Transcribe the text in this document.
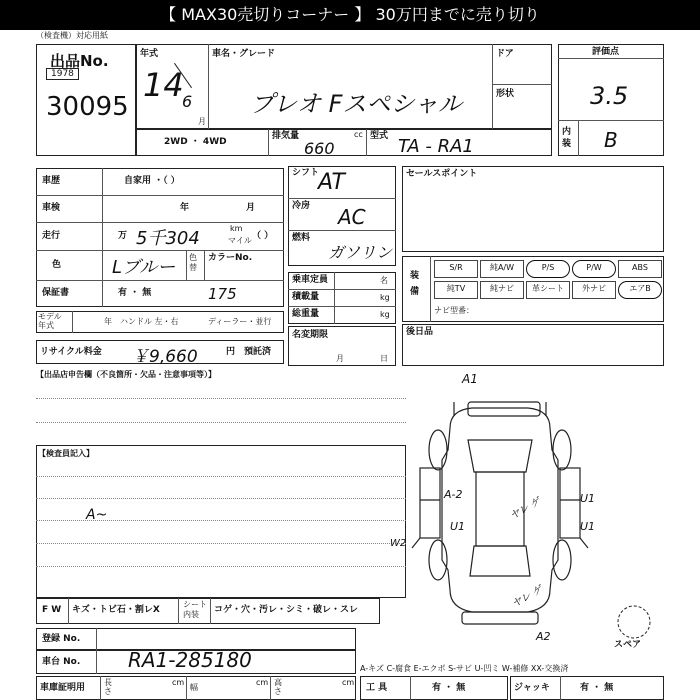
【 MAX30売切りコーナー 】 30万円までに売り切り
（検査機）対応用紙
出品No.
1978
30095
年式
14
6
月
車名・グレード
プレオ Fスペシャル
ドア
形状
評価点
3.5
内装 B
2WD ・ 4WD
排気量	cc
660
型式 TA - RA1
車歴	自家用 ・（ ）
車検	年	月
走行	万 5千304	km
マイル （ ）
色	Lブルー 色替
カラーNo.
保証書	有 ・ 無	175
モデル年式	年 ハンドル 左・右	ディーラー・並行
リサイクル料金 ￥9,660	円 預託済
シフト
AT
冷房 AC
燃料
ガソリン
乗車定員	名
積載量	kg
総重量	kg
名変期限
月	日
セールスポイント
装備
S/R	純A/W	P/S	P/W	ABS
純TV	純ナビ	革シート	外ナビ	エアB
ナビ型番：
後日品
【出品店申告欄（不良箇所・欠品・注意事項等）】
【検査員記入】
A~
A1
A-2
U1
U1
U1
ヤレ ゲ
W2
ヤレ ゲ
A2
スペア
F W キズ・トビ石・割レX
シート内装	コゲ・穴・汚レ・シミ・破レ・スレ
登録 No.
車台 No. RA1-285180	A-キズ C-腐食 E-エクボ S-サビ U-凹ミ W-補修 XX-交換済
車庫証明用
長さ
cm
幅
cm 高さ
cm
工 具	有 ・ 無	ジャッキ	有 ・ 無
